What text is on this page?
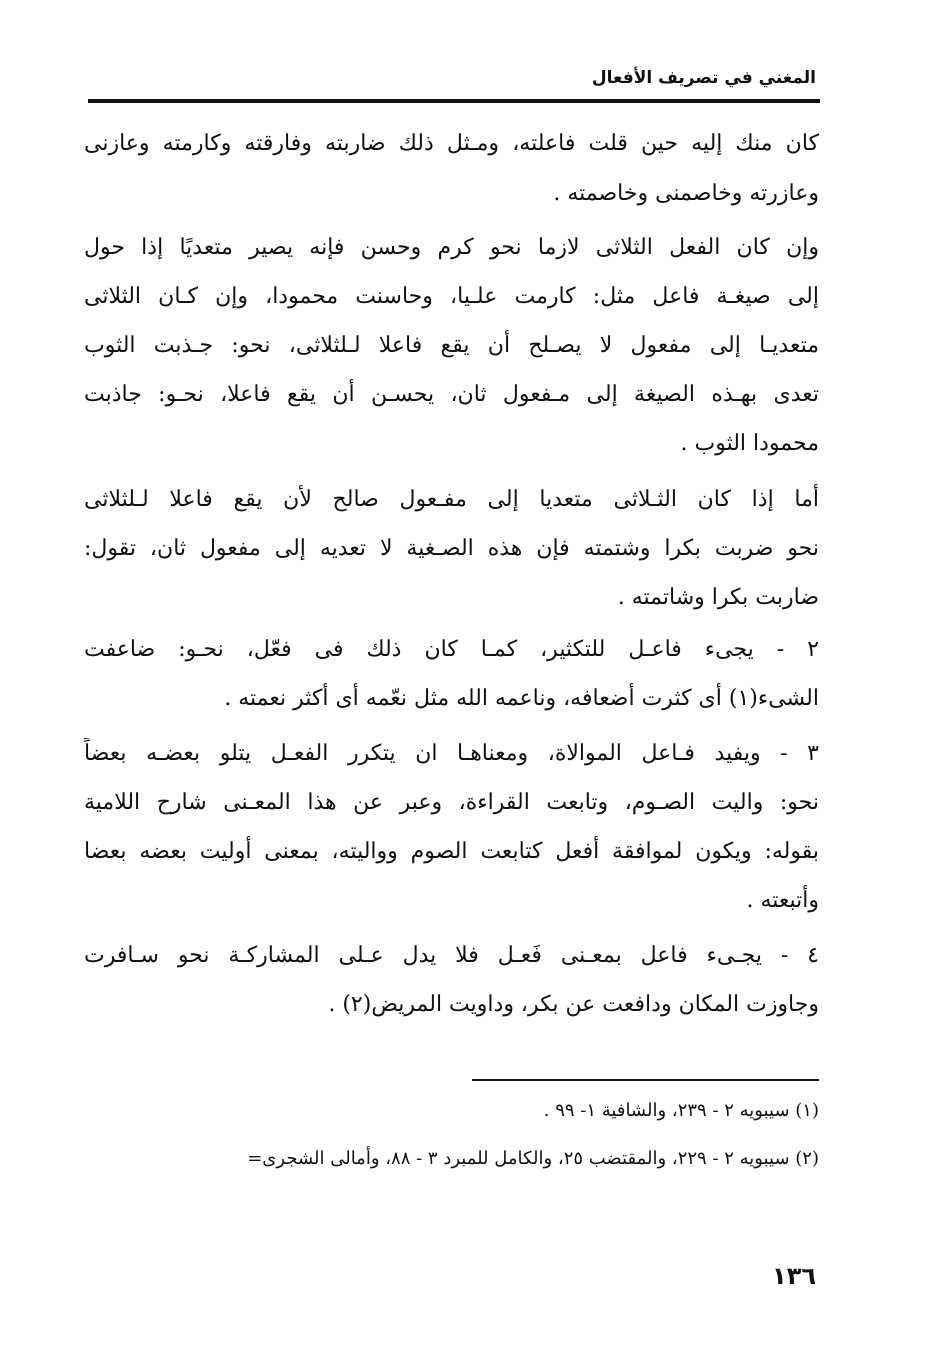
المغني في تصريف الأفعال
كان منك إليه حين قلت فاعلته، ومـثل ذلك ضاربته وفارقته وكارمته وعازنى
وعازرته وخاصمنى وخاصمته .
وإن كان الفعل الثلاثى لازما نحو كرم وحسن فإنه يصير متعديًا إذا حول
إلى صيغـة فاعل مثل: كارمت علـيا، وحاسنت محمودا، وإن كـان الثلاثى
متعديـا إلى مفعول لا يصـلح أن يقع فاعلا لـلثلاثى، نحو: جـذبت الثوب
تعدى بهـذه الصيغة إلى مـفعول ثان، يحسـن أن يقع فاعلا، نحـو: جاذبت
محمودا الثوب .
أما إذا كان الثـلاثى متعديا إلى مفـعول صالح لأن يقع فاعلا لـلثلاثى
نحو ضربت بكرا وشتمته فإن هذه الصـغية لا تعديه إلى مفعول ثان، تقول:
ضاربت بكرا وشاتمته .
٢ - يجىء فاعـل للتكثير، كمـا كان ذلك فى فعّل، نحـو: ضاعفت
الشىء(١) أى كثرت أضعافه، وناعمه الله مثل نعّمه أى أكثر نعمته .
٣ - ويفيد فـاعل الموالاة، ومعناهـا ان يتكرر الفعـل يتلو بعضـه بعضاً
نحو: واليت الصـوم، وتابعت القراءة، وعبر عن هذا المعـنى شارح اللامية
بقوله: ويكون لموافقة أفعل كتابعت الصوم وواليته، بمعنى أوليت بعضه بعضا
وأتبعته .
٤ - يجـىء فاعل بمعـنى فَعـل فلا يدل عـلى المشاركـة نحو سـافرت
وجاوزت المكان ودافعت عن بكر، وداويت المريض(٢) .
(١) سيبويه ٢ - ٢٣٩، والشافية ١- ٩٩ .
(٢) سيبويه ٢ - ٢٢٩، والمقتضب ٢٥، والكامل للمبرد ٣ - ٨٨، وأمالى الشجرى=
١٣٦
